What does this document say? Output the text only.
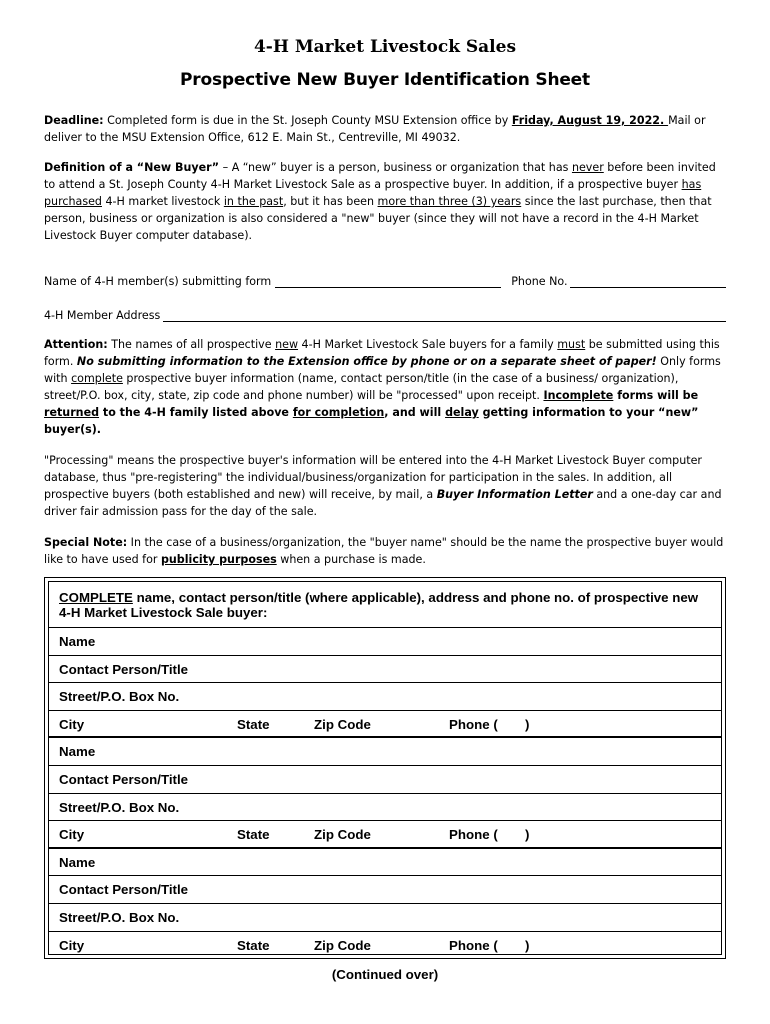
4-H Market Livestock Sales
Prospective New Buyer Identification Sheet

Deadline: Completed form is due in the St. Joseph County MSU Extension office by Friday, August 19, 2022. Mail or deliver to the MSU Extension Office, 612 E. Main St., Centreville, MI 49032.

Definition of a “New Buyer” – A “new” buyer is a person, business or organization that has never before been invited to attend a St. Joseph County 4-H Market Livestock Sale as a prospective buyer. In addition, if a prospective buyer has purchased 4-H market livestock in the past, but it has been more than three (3) years since the last purchase, then that person, business or organization is also considered a "new" buyer (since they will not have a record in the 4-H Market Livestock Buyer computer database).

Name of 4-H member(s) submitting form	Phone No.
4-H Member Address

Attention: The names of all prospective new 4-H Market Livestock Sale buyers for a family must be submitted using this form. No submitting information to the Extension office by phone or on a separate sheet of paper! Only forms with complete prospective buyer information (name, contact person/title (in the case of a business/ organization), street/P.O. box, city, state, zip code and phone number) will be "processed" upon receipt. Incomplete forms will be returned to the 4-H family listed above for completion, and will delay getting information to your “new” buyer(s).

"Processing" means the prospective buyer's information will be entered into the 4-H Market Livestock Buyer computer database, thus "pre-registering" the individual/business/organization for participation in the sales. In addition, all prospective buyers (both established and new) will receive, by mail, a Buyer Information Letter and a one-day car and driver fair admission pass for the day of the sale.

Special Note: In the case of a business/organization, the "buyer name" should be the name the prospective buyer would like to have used for publicity purposes when a purchase is made.

COMPLETE name, contact person/title (where applicable), address and phone no. of prospective new 4-H Market Livestock Sale buyer:
Name
Contact Person/Title
Street/P.O. Box No.
City	State	Zip Code	Phone ( )
Name
Contact Person/Title
Street/P.O. Box No.
City	State	Zip Code	Phone ( )
Name
Contact Person/Title
Street/P.O. Box No.
City	State	Zip Code	Phone ( )
(Continued over)
